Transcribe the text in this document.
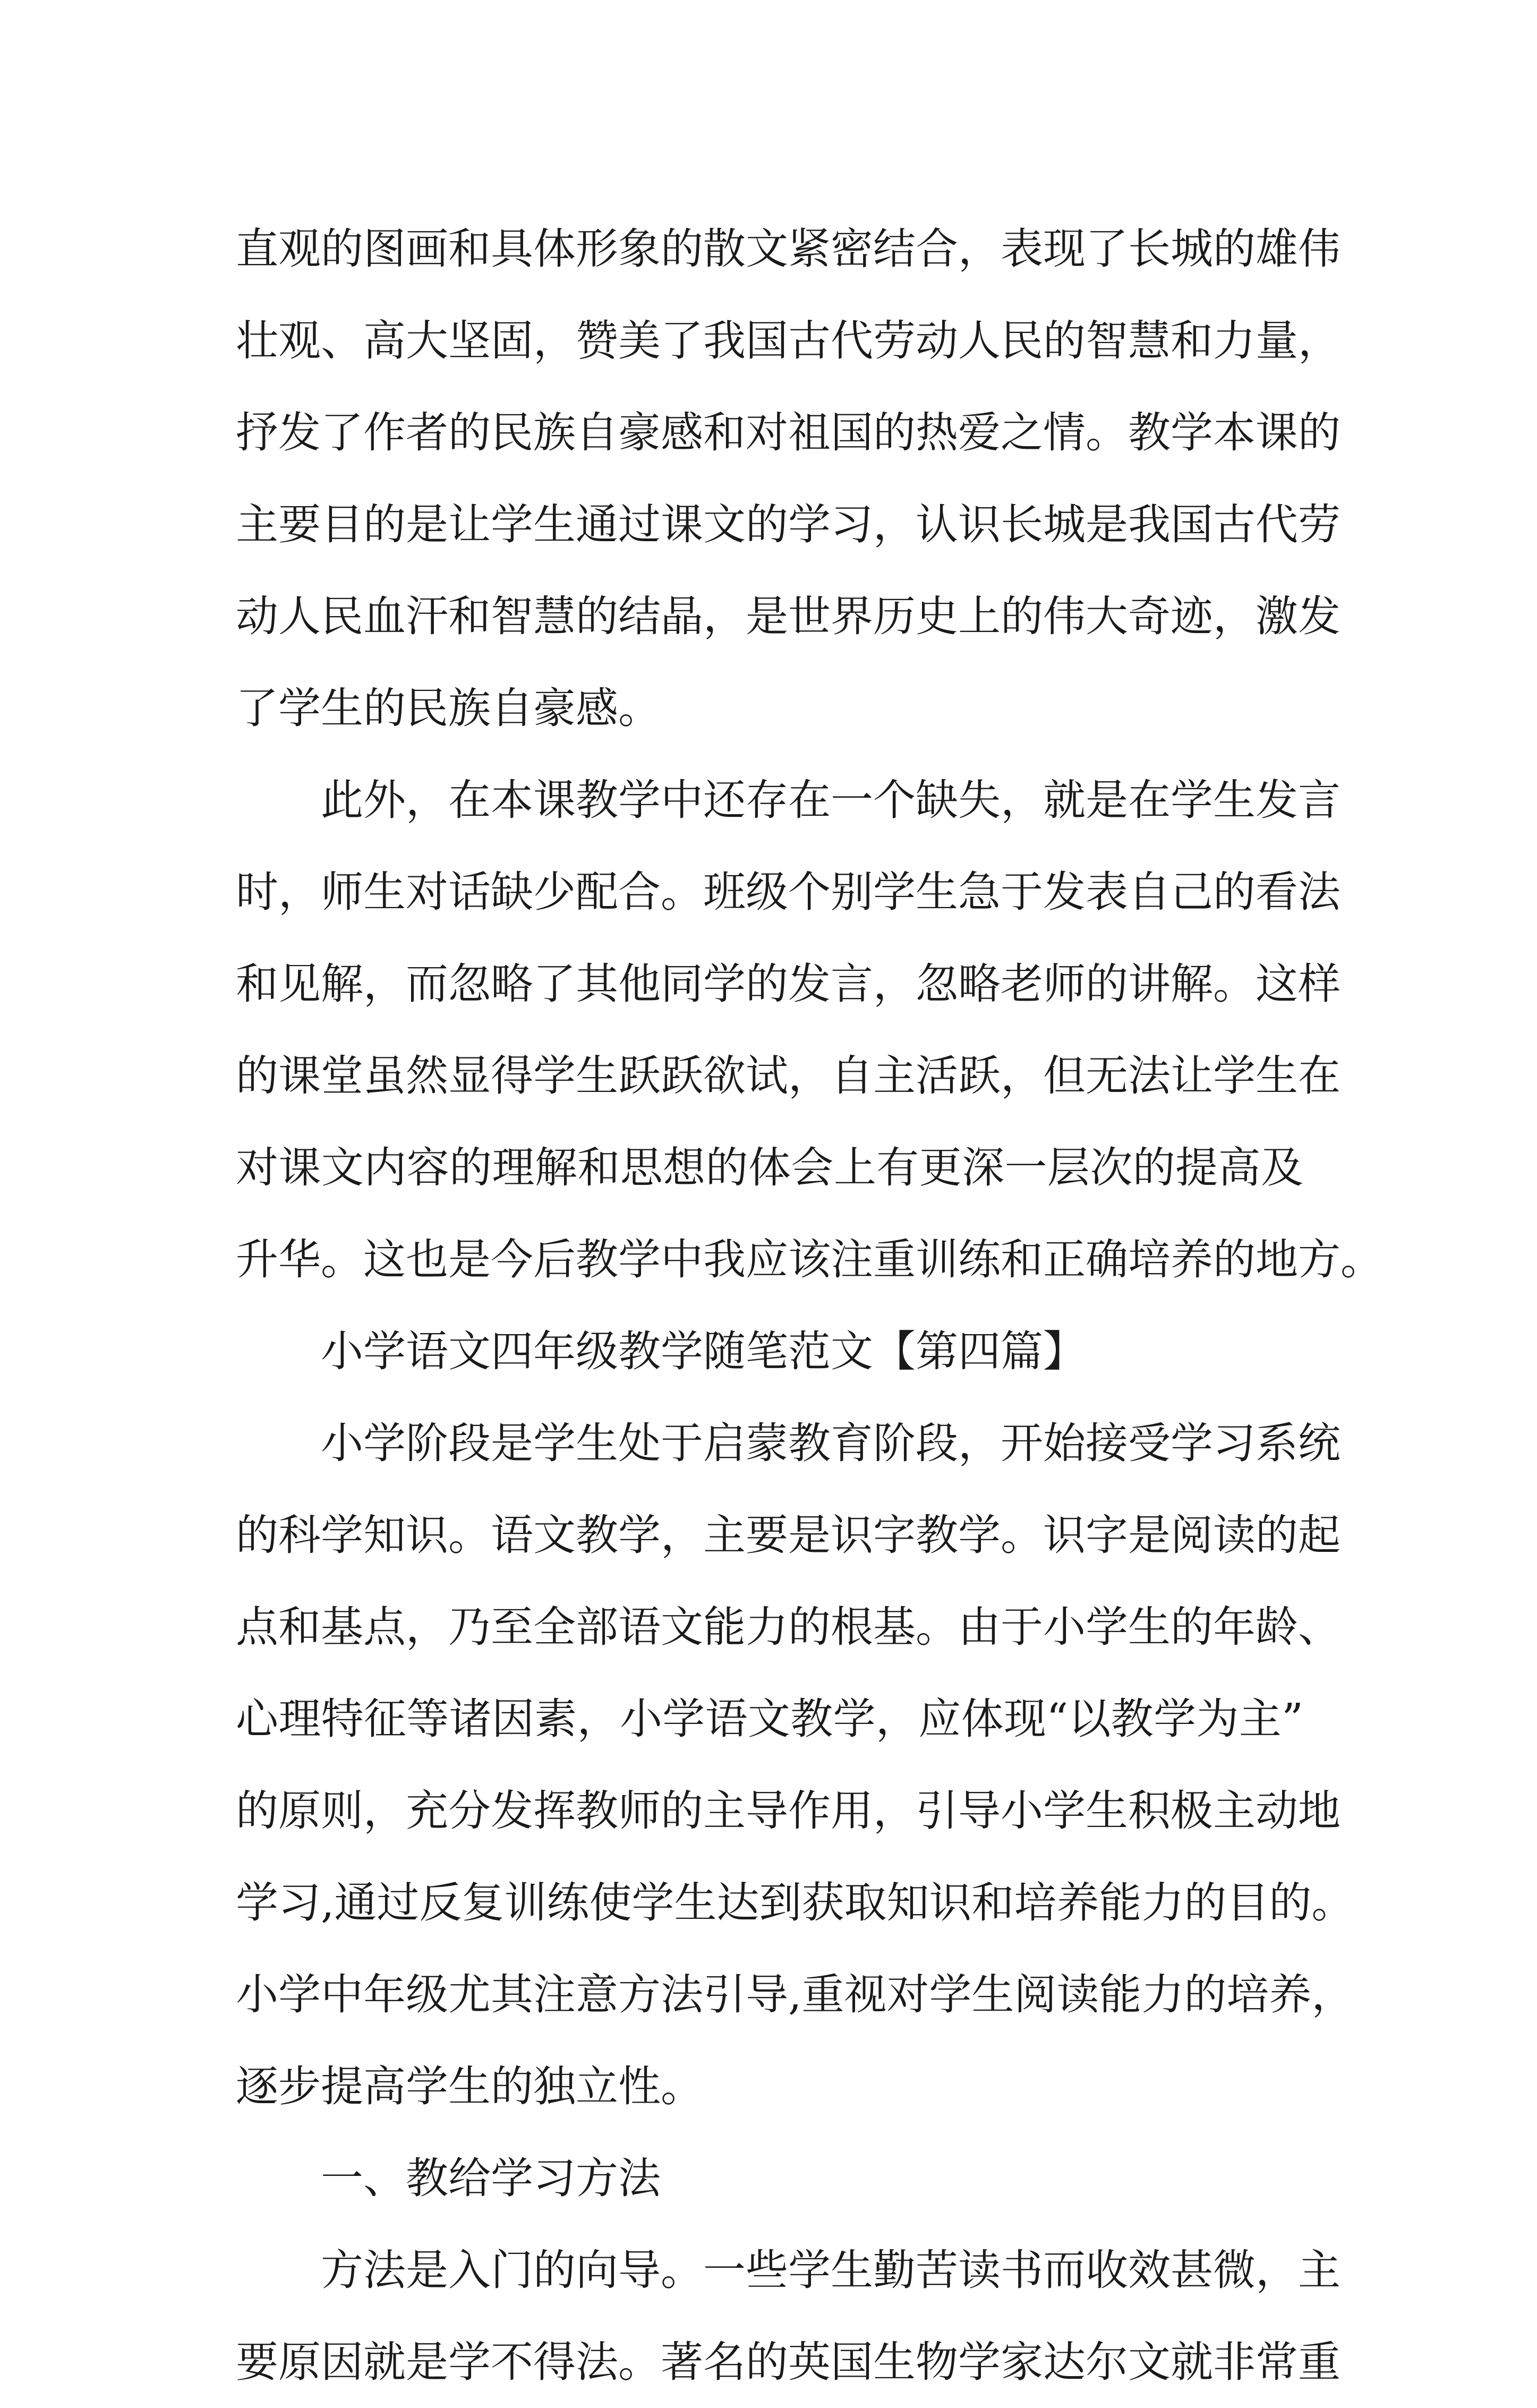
直观的图画和具体形象的散文紧密结合，表现了长城的雄伟
壮观、高大坚固，赞美了我国古代劳动人民的智慧和力量，
抒发了作者的民族自豪感和对祖国的热爱之情。教学本课的
主要目的是让学生通过课文的学习，认识长城是我国古代劳
动人民血汗和智慧的结晶，是世界历史上的伟大奇迹，激发
了学生的民族自豪感。
此外，在本课教学中还存在一个缺失，就是在学生发言
时，师生对话缺少配合。班级个别学生急于发表自己的看法
和见解，而忽略了其他同学的发言，忽略老师的讲解。这样
的课堂虽然显得学生跃跃欲试，自主活跃，但无法让学生在
对课文内容的理解和思想的体会上有更深一层次的提高及
升华。这也是今后教学中我应该注重训练和正确培养的地方。
小学语文四年级教学随笔范文【第四篇】
小学阶段是学生处于启蒙教育阶段，开始接受学习系统
的科学知识。语文教学，主要是识字教学。识字是阅读的起
点和基点，乃至全部语文能力的根基。由于小学生的年龄、
心理特征等诸因素，小学语文教学，应体现“以教学为主”
的原则，充分发挥教师的主导作用，引导小学生积极主动地
学习,通过反复训练使学生达到获取知识和培养能力的目的。
小学中年级尤其注意方法引导,重视对学生阅读能力的培养，
逐步提高学生的独立性。
一、教给学习方法
方法是入门的向导。一些学生勤苦读书而收效甚微，主
要原因就是学不得法。著名的英国生物学家达尔文就非常重
